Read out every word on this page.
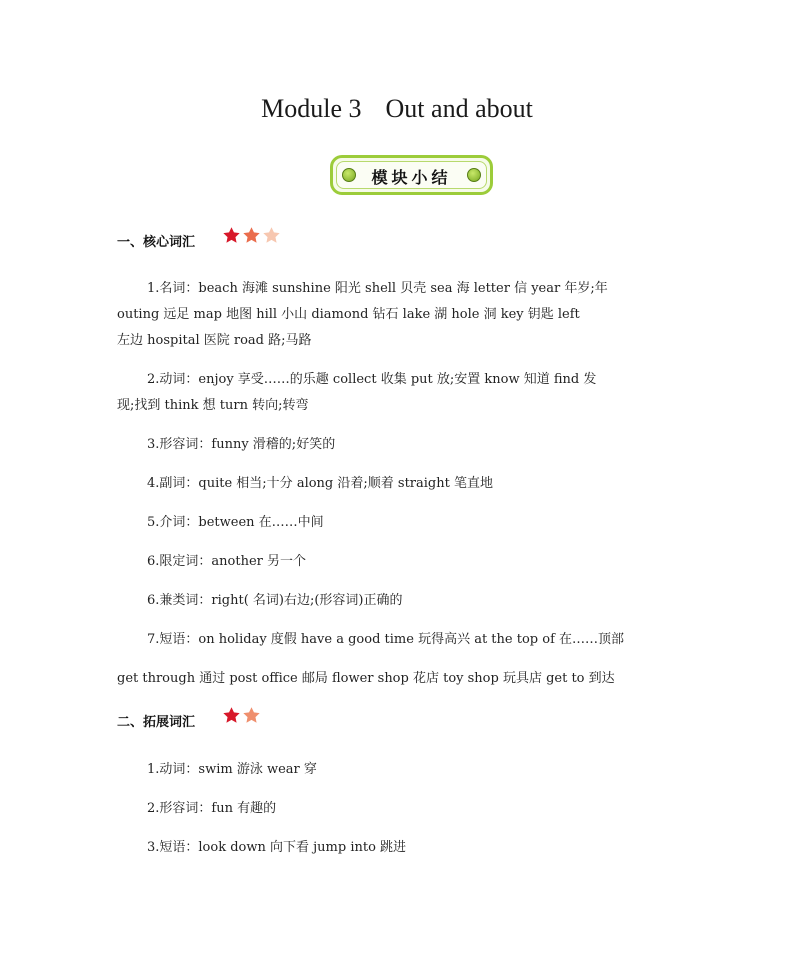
Module 3 Out and about
模块小结
一、核心词汇
1.名词：beach 海滩 sunshine 阳光 shell 贝壳 sea 海 letter 信 year 年岁;年
outing 远足 map 地图 hill 小山 diamond 钻石 lake 湖 hole 洞 key 钥匙 left
左边 hospital 医院 road 路;马路
2.动词：enjoy 享受……的乐趣 collect 收集 put 放;安置 know 知道 find 发
现;找到 think 想 turn 转向;转弯
3.形容词：funny 滑稽的;好笑的
4.副词：quite 相当;十分 along 沿着;顺着 straight 笔直地
5.介词：between 在……中间
6.限定词：another 另一个
6.兼类词：right( 名词)右边;(形容词)正确的
7.短语：on holiday 度假 have a good time 玩得高兴 at the top of 在……顶部
get through 通过 post office 邮局 flower shop 花店 toy shop 玩具店 get to 到达
二、拓展词汇
1.动词：swim 游泳 wear 穿
2.形容词：fun 有趣的
3.短语：look down 向下看 jump into 跳进
